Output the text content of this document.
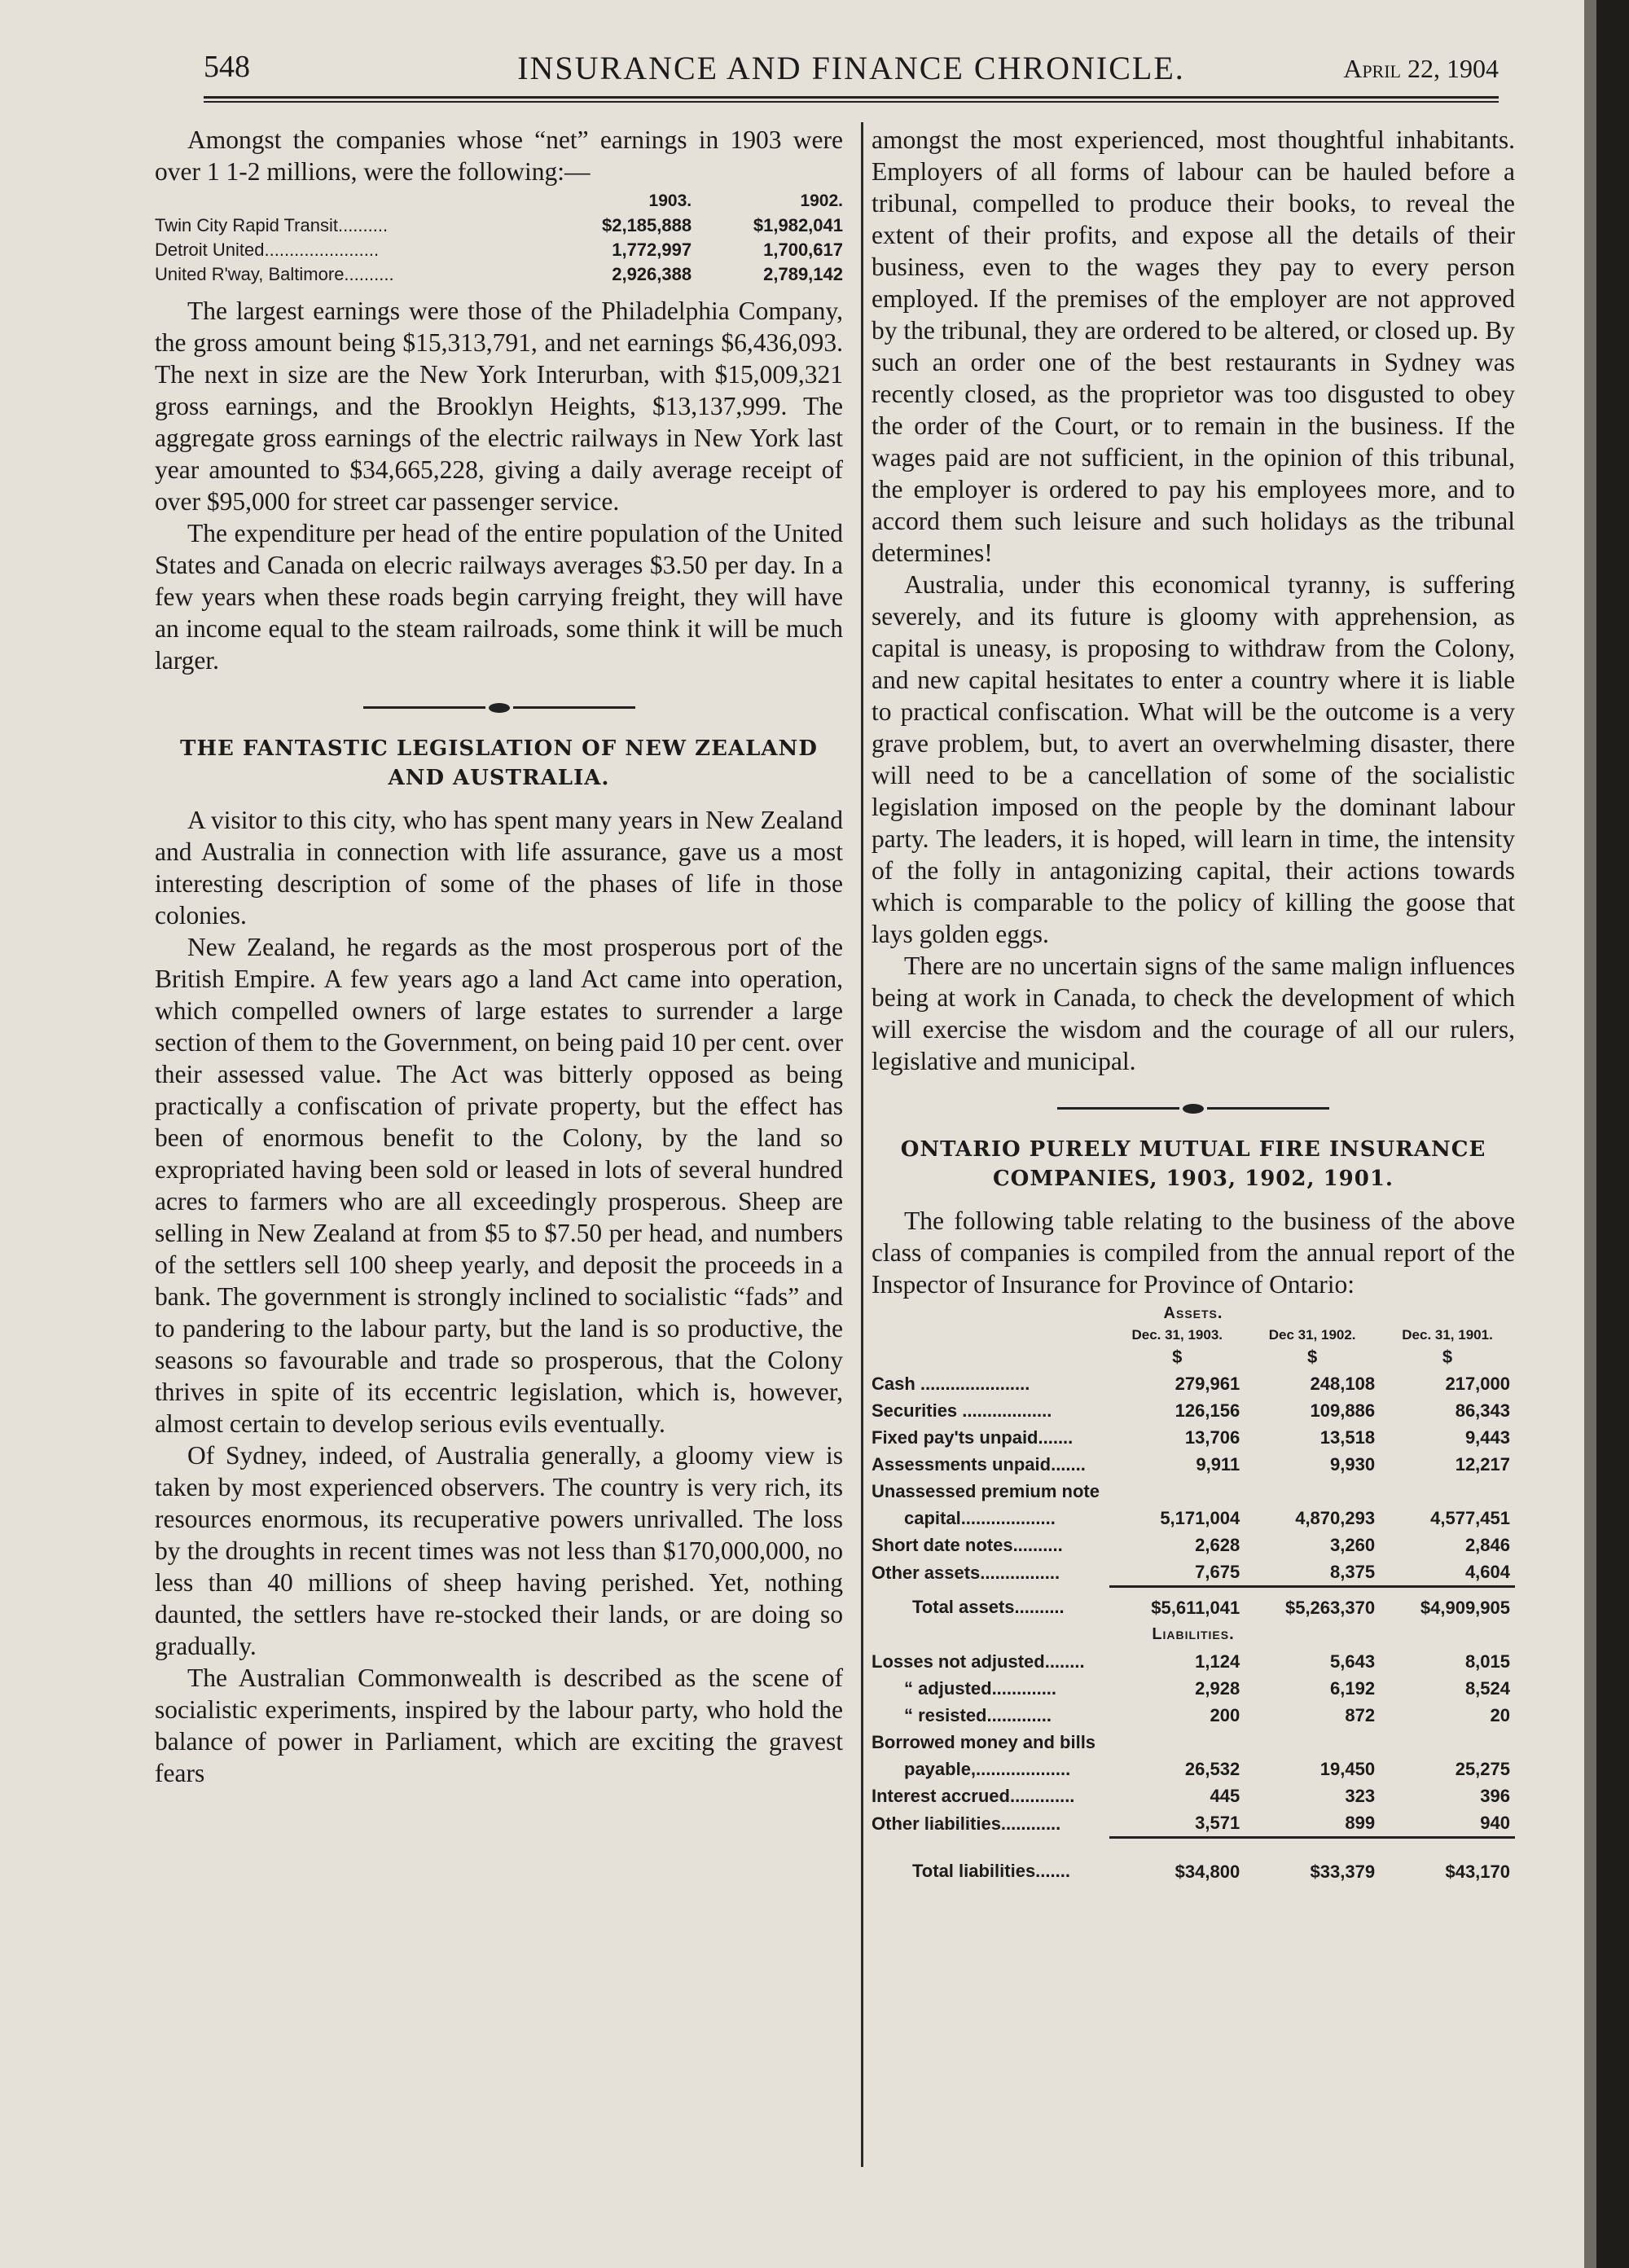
548	INSURANCE AND FINANCE CHRONICLE.	April 22, 1904

Amongst the companies whose “net” earnings in 1903 were over 1 1-2 millions, were the following:—

	1903.	1902.
Twin City Rapid Transit..........	$2,185,888	$1,982,041
Detroit United.......................	1,772,997	1,700,617
United R'way, Baltimore..........	2,926,388	2,789,142

The largest earnings were those of the Philadelphia Company, the gross amount being $15,313,791, and net earnings $6,436,093. The next in size are the New York Interurban, with $15,009,321 gross earnings, and the Brooklyn Heights, $13,137,999. The aggregate gross earnings of the electric railways in New York last year amounted to $34,665,228, giving a daily average receipt of over $95,000 for street car passenger service.

The expenditure per head of the entire population of the United States and Canada on elecric railways averages $3.50 per day. In a few years when these roads begin carrying freight, they will have an income equal to the steam railroads, some think it will be much larger.

THE FANTASTIC LEGISLATION OF NEW ZEALAND AND AUSTRALIA.

A visitor to this city, who has spent many years in New Zealand and Australia in connection with life assurance, gave us a most interesting description of some of the phases of life in those colonies.

New Zealand, he regards as the most prosperous port of the British Empire. A few years ago a land Act came into operation, which compelled owners of large estates to surrender a large section of them to the Government, on being paid 10 per cent. over their assessed value. The Act was bitterly opposed as being practically a confiscation of private property, but the effect has been of enormous benefit to the Colony, by the land so expropriated having been sold or leased in lots of several hundred acres to farmers who are all exceedingly prosperous. Sheep are selling in New Zealand at from $5 to $7.50 per head, and numbers of the settlers sell 100 sheep yearly, and deposit the proceeds in a bank. The government is strongly inclined to socialistic “fads” and to pandering to the labour party, but the land is so productive, the seasons so favourable and trade so prosperous, that the Colony thrives in spite of its eccentric legislation, which is, however, almost certain to develop serious evils eventually.

Of Sydney, indeed, of Australia generally, a gloomy view is taken by most experienced observers. The country is very rich, its resources enormous, its recuperative powers unrivalled. The loss by the droughts in recent times was not less than $170,000,000, no less than 40 millions of sheep having perished. Yet, nothing daunted, the settlers have re-stocked their lands, or are doing so gradually.

The Australian Commonwealth is described as the scene of socialistic experiments, inspired by the labour party, who hold the balance of power in Parliament, which are exciting the gravest fears

amongst the most experienced, most thoughtful inhabitants. Employers of all forms of labour can be hauled before a tribunal, compelled to produce their books, to reveal the extent of their profits, and expose all the details of their business, even to the wages they pay to every person employed. If the premises of the employer are not approved by the tribunal, they are ordered to be altered, or closed up. By such an order one of the best restaurants in Sydney was recently closed, as the proprietor was too disgusted to obey the order of the Court, or to remain in the business. If the wages paid are not sufficient, in the opinion of this tribunal, the employer is ordered to pay his employees more, and to accord them such leisure and such holidays as the tribunal determines!

Australia, under this economical tyranny, is suffering severely, and its future is gloomy with apprehension, as capital is uneasy, is proposing to withdraw from the Colony, and new capital hesitates to enter a country where it is liable to practical confiscation. What will be the outcome is a very grave problem, but, to avert an overwhelming disaster, there will need to be a cancellation of some of the socialistic legislation imposed on the people by the dominant labour party. The leaders, it is hoped, will learn in time, the intensity of the folly in antagonizing capital, their actions towards which is comparable to the policy of killing the goose that lays golden eggs.

There are no uncertain signs of the same malign influences being at work in Canada, to check the development of which will exercise the wisdom and the courage of all our rulers, legislative and municipal.

ONTARIO PURELY MUTUAL FIRE INSURANCE COMPANIES, 1903, 1902, 1901.

The following table relating to the business of the above class of companies is compiled from the annual report of the Inspector of Insurance for Province of Ontario:

Assets.			
	Dec. 31, 1903.	Dec 31, 1902.	Dec. 31, 1901.
	$	$	$
Cash ......................	279,961	248,108	217,000
Securities ..................	126,156	109,886	86,343
Fixed pay'ts unpaid.......	13,706	13,518	9,443
Assessments unpaid.......	9,911	9,930	12,217
Unassessed premium note			
capital...................	5,171,004	4,870,293	4,577,451
Short date notes..........	2,628	3,260	2,846
Other assets................	7,675	8,375	4,604
Total assets..........	$5,611,041	$5,263,370	$4,909,905
Liabilities.			
Losses not adjusted........	1,124	5,643	8,015
“ adjusted.............	2,928	6,192	8,524
“ resisted.............	200	872	20
Borrowed money and bills			
payable,...................	26,532	19,450	25,275
Interest accrued.............	445	323	396
Other liabilities............	3,571	899	940
Total liabilities.......	$34,800	$33,379	$43,170
